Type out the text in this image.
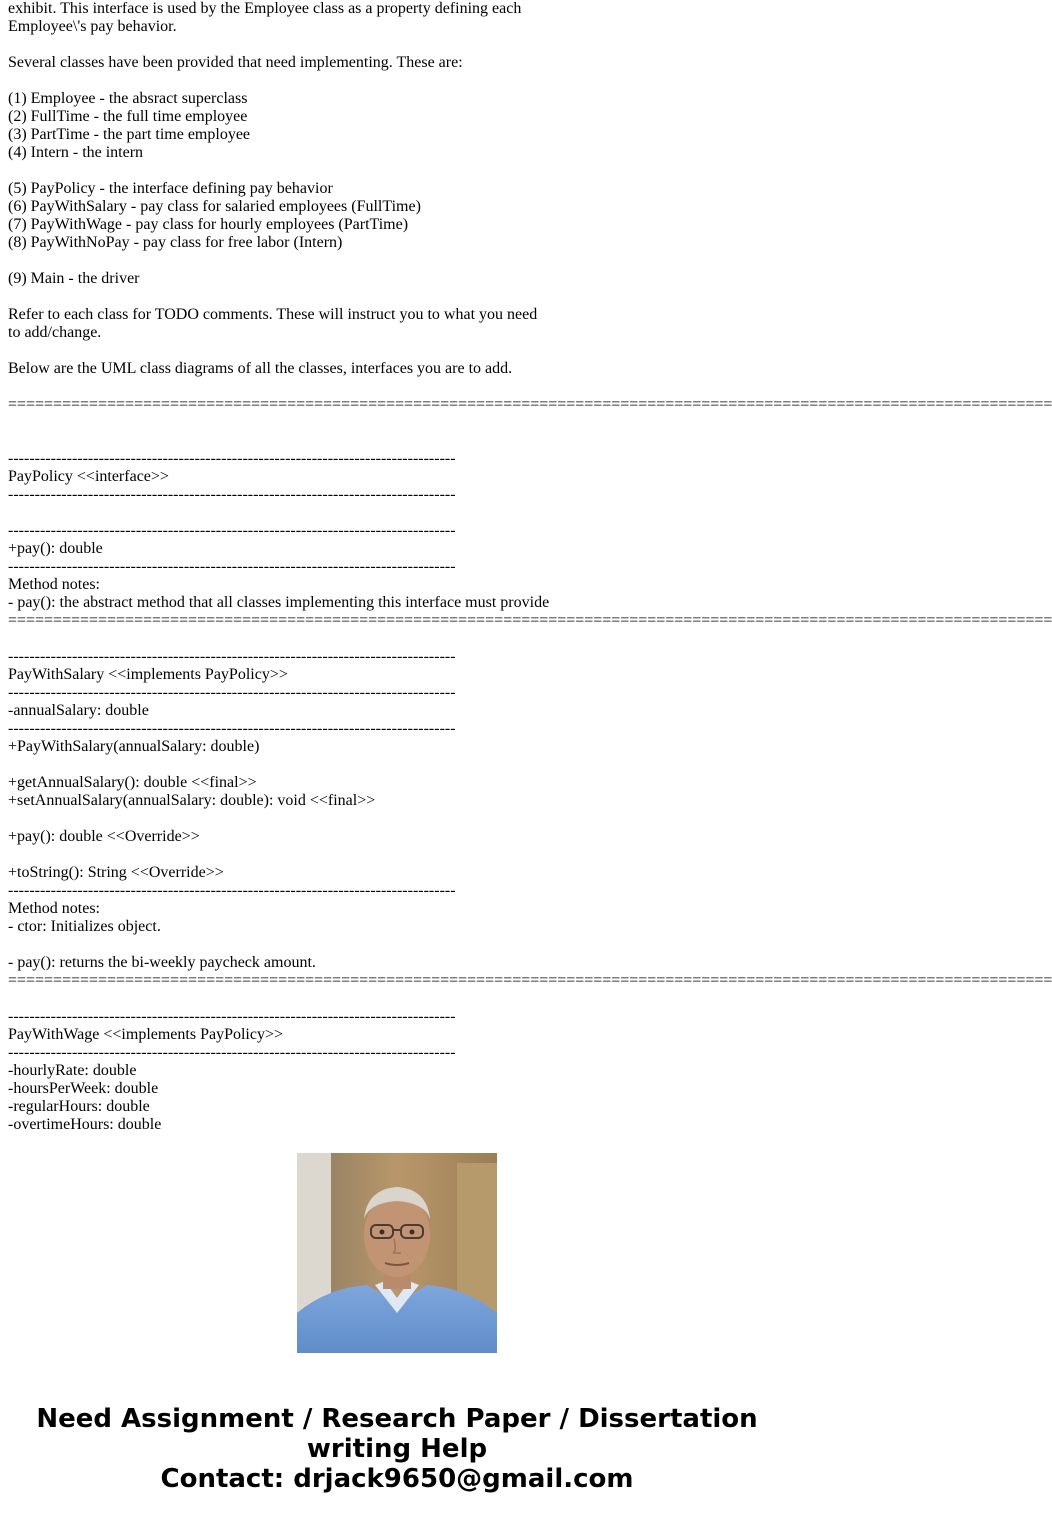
exhibit. This interface is used by the Employee class as a property defining each
Employee\'s pay behavior.
Several classes have been provided that need implementing. These are:
(1) Employee - the absract superclass
(2) FullTime - the full time employee
(3) PartTime - the part time employee
(4) Intern - the intern
(5) PayPolicy - the interface defining pay behavior
(6) PayWithSalary - pay class for salaried employees (FullTime)
(7) PayWithWage - pay class for hourly employees (PartTime)
(8) PayWithNoPay - pay class for free labor (Intern)
(9) Main - the driver
Refer to each class for TODO comments. These will instruct you to what you need
to add/change.
Below are the UML class diagrams of all the classes, interfaces you are to add.
====================================================================================================================
------------------------------------------------------------------------------------
PayPolicy <<interface>>
------------------------------------------------------------------------------------
------------------------------------------------------------------------------------
+pay(): double
------------------------------------------------------------------------------------
Method notes:
- pay(): the abstract method that all classes implementing this interface must provide
====================================================================================================================
------------------------------------------------------------------------------------
PayWithSalary <<implements PayPolicy>>
------------------------------------------------------------------------------------
-annualSalary: double
------------------------------------------------------------------------------------
+PayWithSalary(annualSalary: double)
+getAnnualSalary(): double <<final>>
+setAnnualSalary(annualSalary: double): void <<final>>
+pay(): double <<Override>>
+toString(): String <<Override>>
------------------------------------------------------------------------------------
Method notes:
- ctor: Initializes object.
- pay(): returns the bi-weekly paycheck amount.
====================================================================================================================
------------------------------------------------------------------------------------
PayWithWage <<implements PayPolicy>>
------------------------------------------------------------------------------------
-hourlyRate: double
-hoursPerWeek: double
-regularHours: double
-overtimeHours: double
Need Assignment / Research Paper / Dissertation
writing Help
Contact: drjack9650@gmail.com
